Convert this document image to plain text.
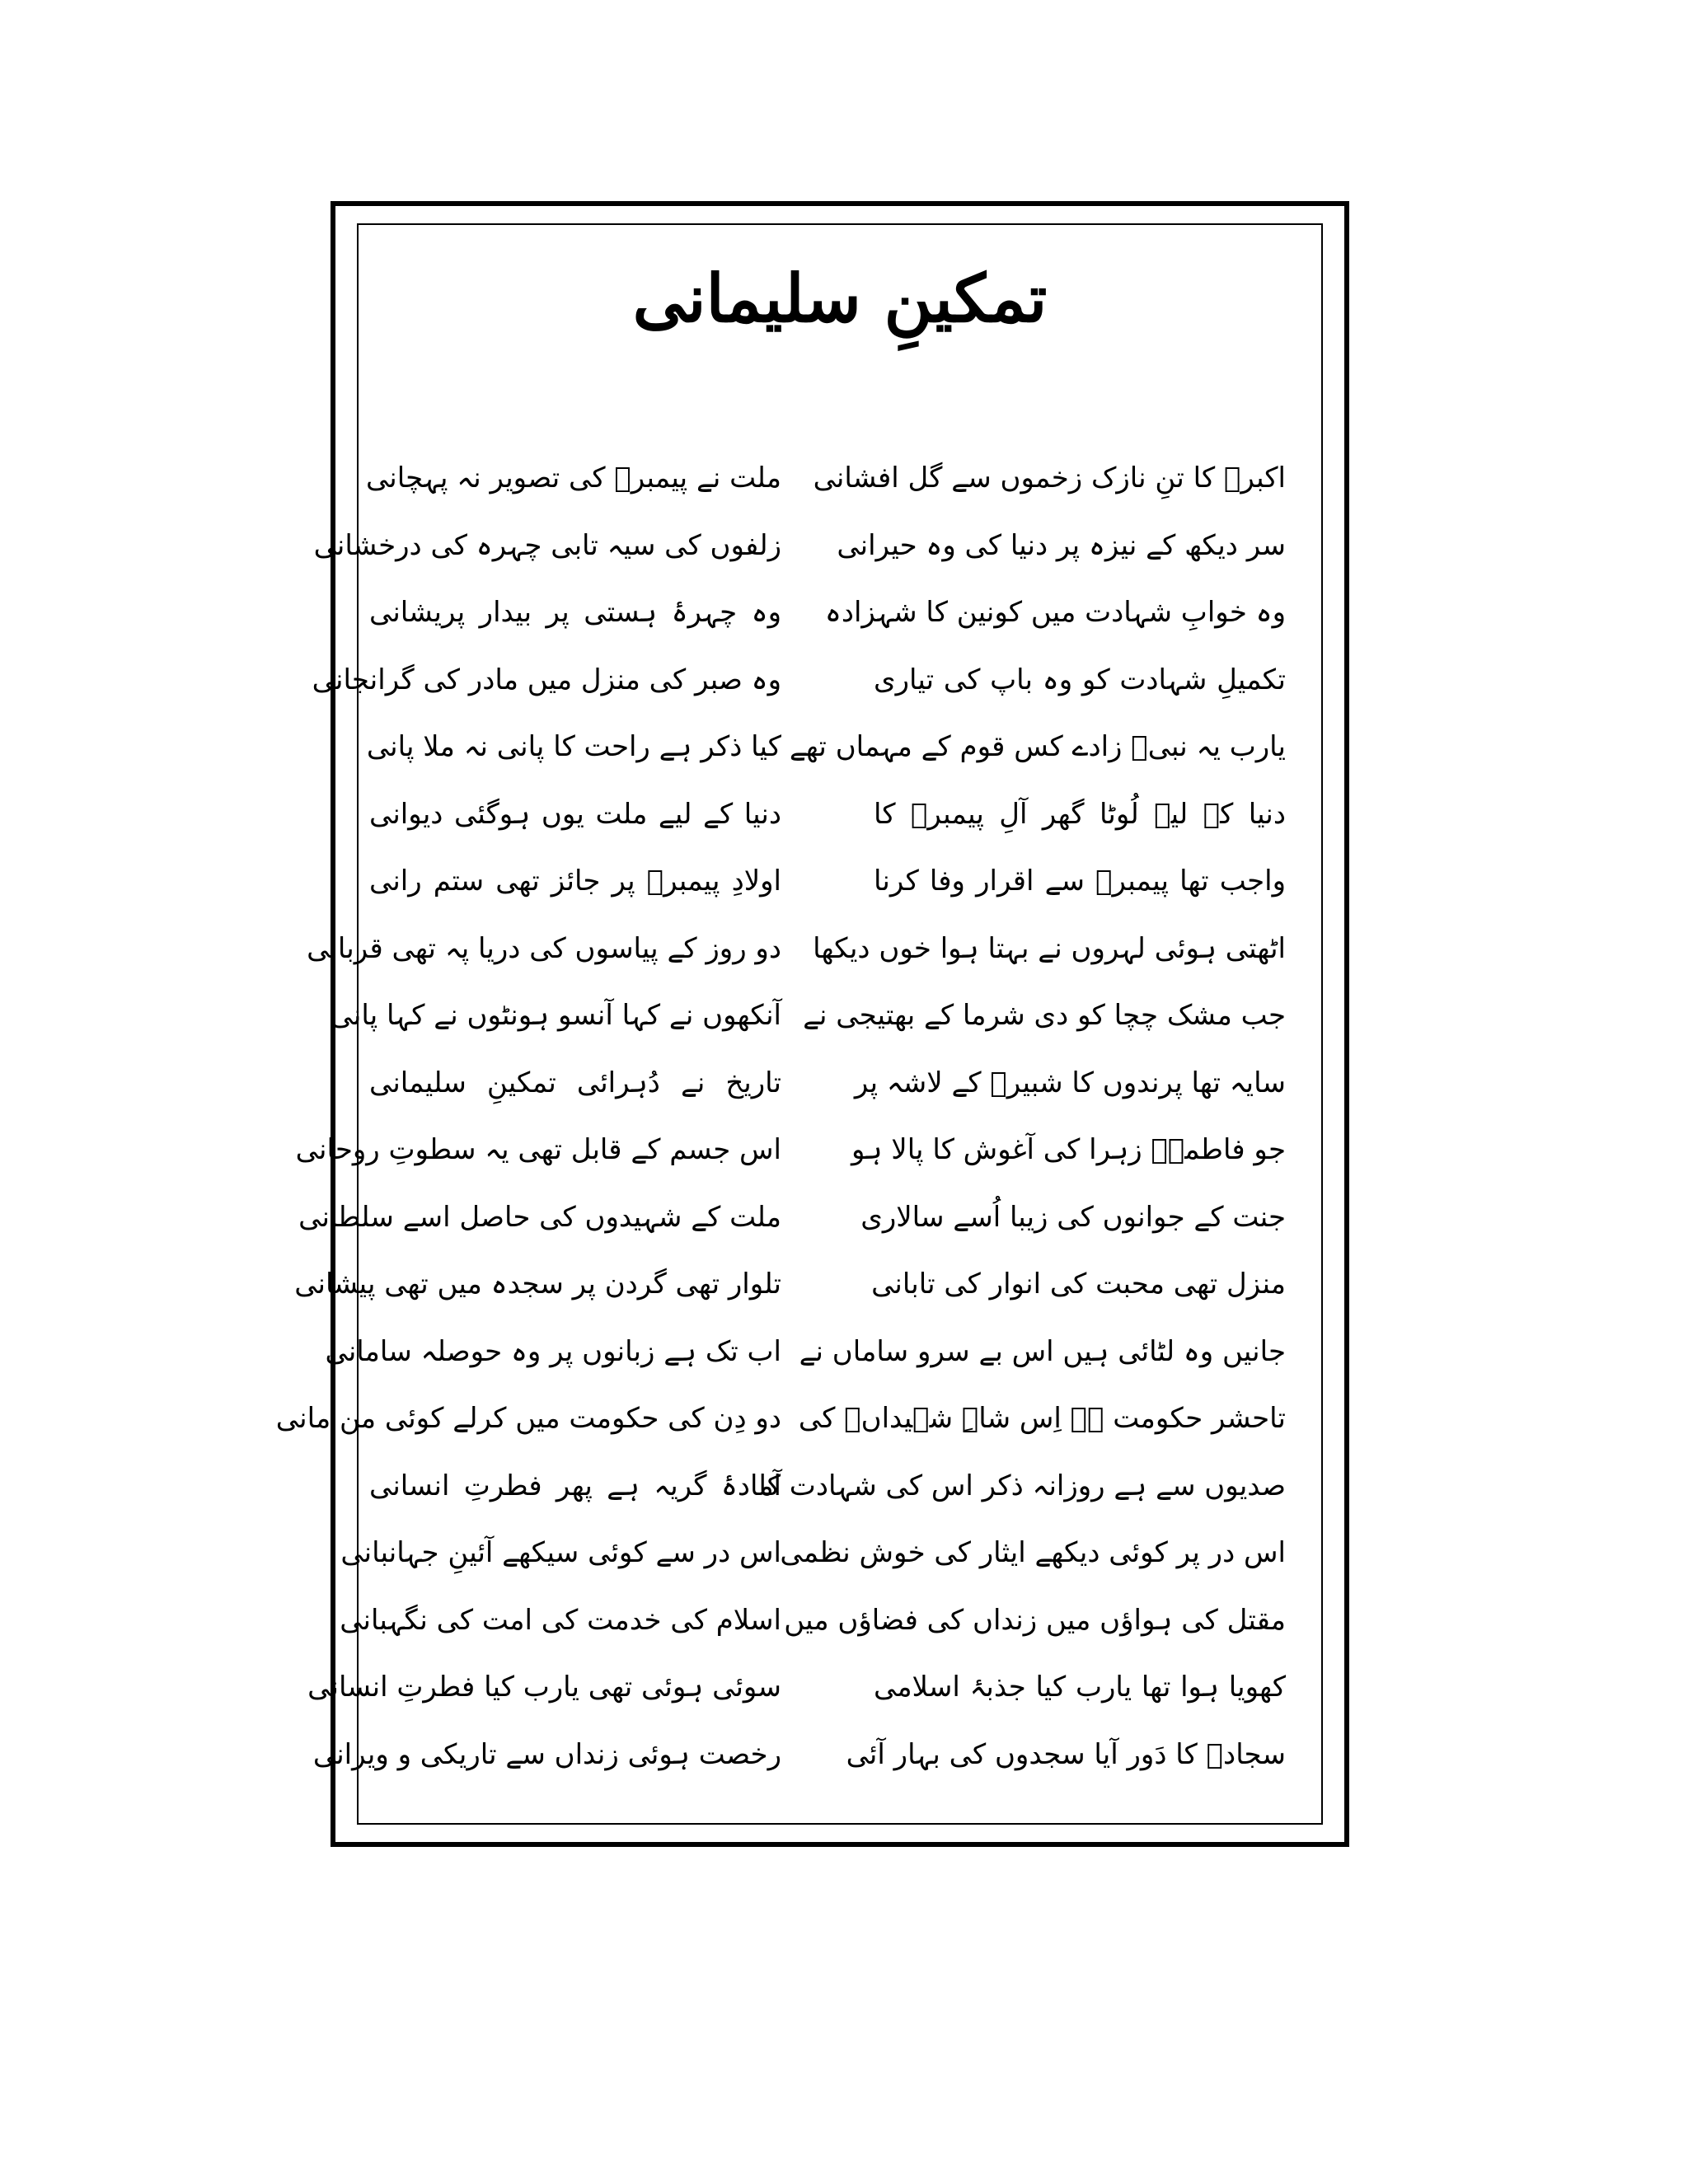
تمکینِ سلیمانی
اکبرؑ کا تنِ نازک زخموں سے گل افشانی
سر دیکھ کے نیزہ پر دنیا کی وہ حیرانی
وہ خوابِ شہادت میں کونین کا شہزادہ
تکمیلِ شہادت کو وہ باپ کی تیاری
یارب یہ نبیؐ زادے کس قوم کے مہماں تھے
دنیا کے لیے لُوٹا گھر آلِ پیمبرؐ کا
واجب تھا پیمبرؐ سے اقرار وفا کرنا
اٹھتی ہوئی لہروں نے بہتا ہوا خوں دیکھا
جب مشک چچا کو دی شرما کے بھتیجی نے
سایہ تھا پرندوں کا شبیرؑ کے لاشہ پر
جو فاطمہؑ زہرا کی آغوش کا پالا ہو
جنت کے جوانوں کی زیبا اُسے سالاری
منزل تھی محبت کی انوار کی تابانی
جانیں وہ لٹائی ہیں اس بے سرو ساماں نے
تاحشر حکومت ہے اِس شاہِ شہیداںؑ کی
صدیوں سے ہے روزانہ ذکر اس کی شہادت کا
اس در پر کوئی دیکھے ایثار کی خوش نظمی
مقتل کی ہواؤں میں زنداں کی فضاؤں میں
کھویا ہوا تھا یارب کیا جذبۂ اسلامی
سجادؑ کا دَور آیا سجدوں کی بہار آئی
ملت نے پیمبرؐ کی تصویر نہ پہچانی
زلفوں کی سیہ تابی چہرہ کی درخشانی
وہ چہرۂ ہستی پر بیدار پریشانی
وہ صبر کی منزل میں مادر کی گرانجانی
کیا ذکر ہے راحت کا پانی نہ ملا پانی
دنیا کے لیے ملت یوں ہوگئی دیوانی
اولادِ پیمبرؐ پر جائز تھی ستم رانی
دو روز کے پیاسوں کی دریا پہ تھی قربانی
آنکھوں نے کہا آنسو ہونٹوں نے کہا پانی
تاریخ نے دُہرائی تمکینِ سلیمانی
اس جسم کے قابل تھی یہ سطوتِ روحانی
ملت کے شہیدوں کی حاصل اسے سلطانی
تلوار تھی گردن پر سجدہ میں تھی پیشانی
اب تک ہے زبانوں پر وہ حوصلہ سامانی
دو دِن کی حکومت میں کرلے کوئی من مانی
آمادۂ گریہ ہے پھر فطرتِ انسانی
اس در سے کوئی سیکھے آئینِ جہانبانی
اسلام کی خدمت کی امت کی نگہبانی
سوئی ہوئی تھی یارب کیا فطرتِ انسانی
رخصت ہوئی زنداں سے تاریکی و ویرانی
